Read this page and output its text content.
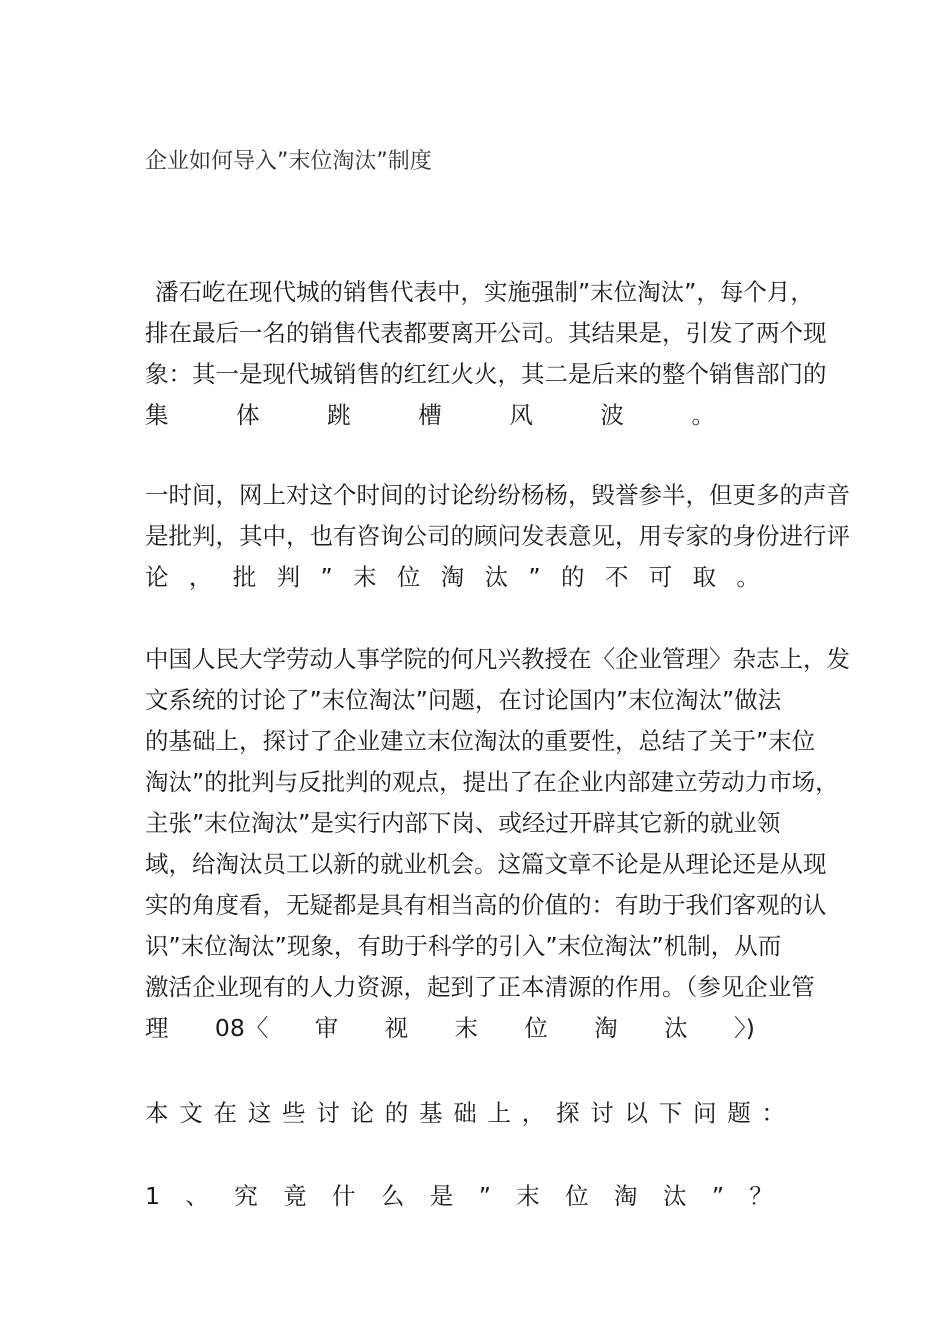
企业如何导入”末位淘汰”制度
潘石屹在现代城的销售代表中，实施强制”末位淘汰”，每个月，
排在最后一名的销售代表都要离开公司。其结果是，引发了两个现
象：其一是现代城销售的红红火火，其二是后来的整个销售部门的
集	体	跳	槽	风	波	。
一时间，网上对这个时间的讨论纷纷杨杨，毁誉参半，但更多的声音
是批判，其中，也有咨询公司的顾问发表意见，用专家的身份进行评
论 ， 批 判 ” 末 位 淘 汰 ” 的 不 可 取 。
中国人民大学劳动人事学院的何凡兴教授在〈企业管理〉杂志上，发
文系统的讨论了”末位淘汰”问题，在讨论国内”末位淘汰”做法
的基础上，探讨了企业建立末位淘汰的重要性，总结了关于”末位
淘汰”的批判与反批判的观点，提出了在企业内部建立劳动力市场，
主张”末位淘汰”是实行内部下岗、或经过开辟其它新的就业领
域，给淘汰员工以新的就业机会。这篇文章不论是从理论还是从现
实的角度看，无疑都是具有相当高的价值的：有助于我们客观的认
识”末位淘汰”现象，有助于科学的引入”末位淘汰”机制，从而
激活企业现有的人力资源，起到了正本清源的作用。（参见企业管
理 08〈 审 视 末 位 淘 汰 〉)
本 文 在 这 些 讨 论 的 基 础 上 ， 探 讨 以 下 问 题 ：
1 、 究 竟 什 么 是 ” 末 位 淘 汰 ” ？
